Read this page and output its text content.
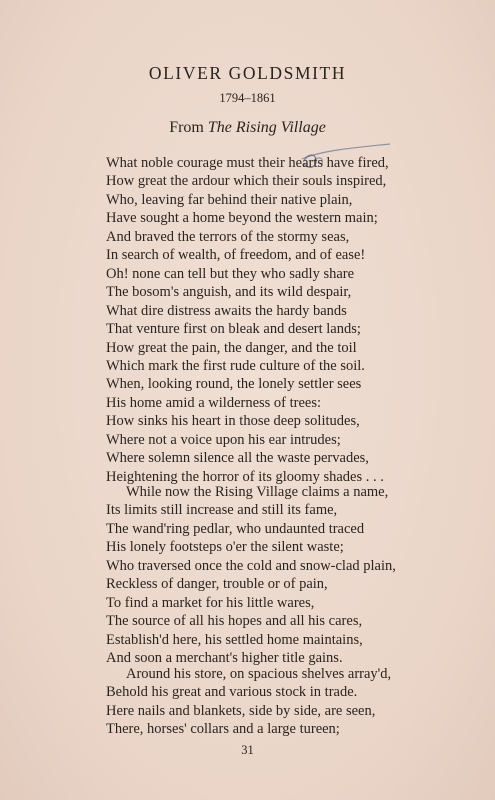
OLIVER GOLDSMITH
1794–1861
From The Rising Village
What noble courage must their hearts have fired,
How great the ardour which their souls inspired,
Who, leaving far behind their native plain,
Have sought a home beyond the western main;
And braved the terrors of the stormy seas,
In search of wealth, of freedom, and of ease!
Oh! none can tell but they who sadly share
The bosom's anguish, and its wild despair,
What dire distress awaits the hardy bands
That venture first on bleak and desert lands;
How great the pain, the danger, and the toil
Which mark the first rude culture of the soil.
When, looking round, the lonely settler sees
His home amid a wilderness of trees:
How sinks his heart in those deep solitudes,
Where not a voice upon his ear intrudes;
Where solemn silence all the waste pervades,
Heightening the horror of its gloomy shades . . .
While now the Rising Village claims a name,
Its limits still increase and still its fame,
The wand'ring pedlar, who undaunted traced
His lonely footsteps o'er the silent waste;
Who traversed once the cold and snow-clad plain,
Reckless of danger, trouble or of pain,
To find a market for his little wares,
The source of all his hopes and all his cares,
Establish'd here, his settled home maintains,
And soon a merchant's higher title gains.
Around his store, on spacious shelves array'd,
Behold his great and various stock in trade.
Here nails and blankets, side by side, are seen,
There, horses' collars and a large tureen;
31
